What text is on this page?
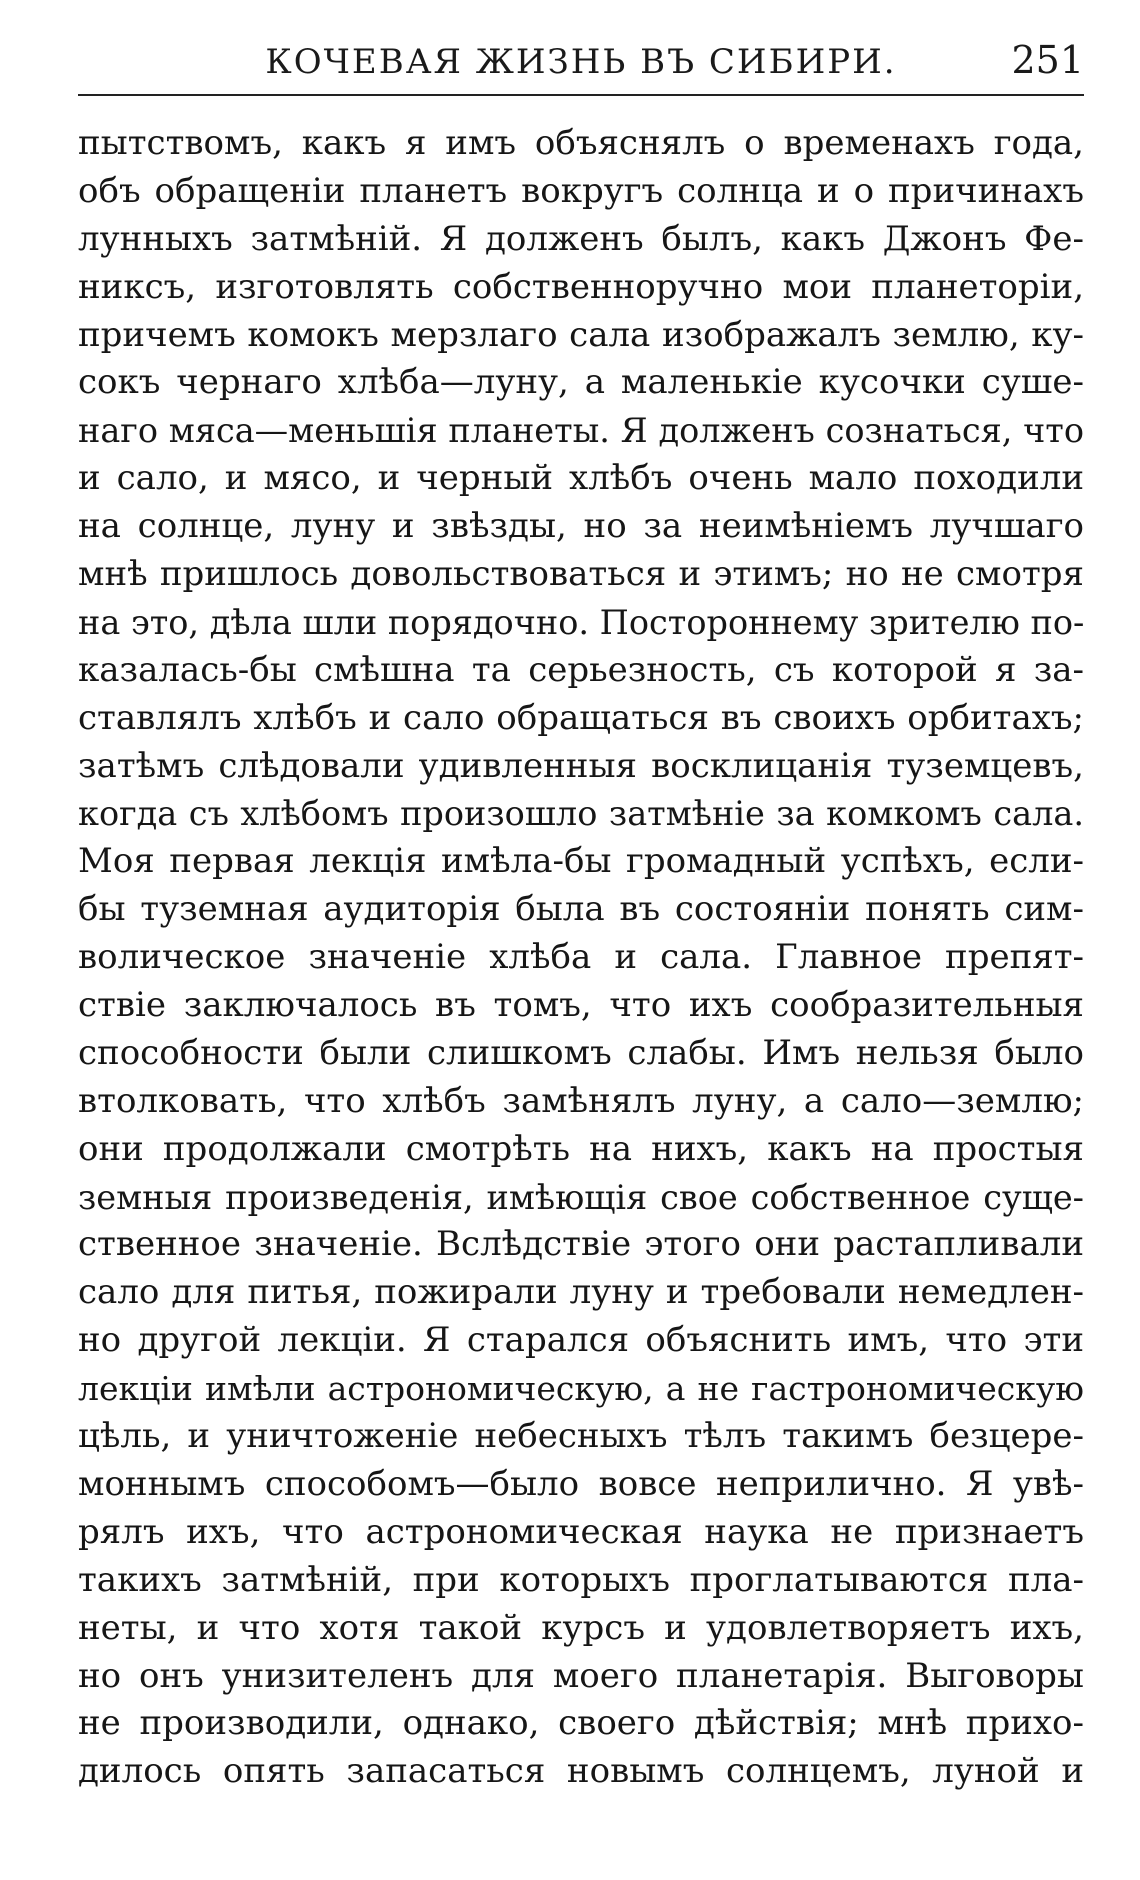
КОЧЕВАЯ ЖИЗНЬ ВЪ СИБИРИ.	251
пытствомъ, какъ я имъ объяснялъ о временахъ года,
объ обращеніи планетъ вокругъ солнца и о причинахъ
лунныхъ затмѣній. Я долженъ былъ, какъ Джонъ Фе-
никсъ, изготовлять собственноручно мои планеторіи,
причемъ комокъ мерзлаго сала изображалъ землю, ку-
сокъ чернаго хлѣба—луну, а маленькіе кусочки суше-
наго мяса—меньшія планеты. Я долженъ сознаться, что
и сало, и мясо, и черный хлѣбъ очень мало походили
на солнце, луну и звѣзды, но за неимѣніемъ лучшаго
мнѣ пришлось довольствоваться и этимъ; но не смотря
на это, дѣла шли порядочно. Постороннему зрителю по-
казалась-бы смѣшна та серьезность, съ которой я за-
ставлялъ хлѣбъ и сало обращаться въ своихъ орбитахъ;
затѣмъ слѣдовали удивленныя восклицанія туземцевъ,
когда съ хлѣбомъ произошло затмѣніе за комкомъ сала.
Моя первая лекція имѣла-бы громадный успѣхъ, если-
бы туземная аудиторія была въ состояніи понять сим-
волическое значеніе хлѣба и сала. Главное препят-
ствіе заключалось въ томъ, что ихъ сообразительныя
способности были слишкомъ слабы. Имъ нельзя было
втолковать, что хлѣбъ замѣнялъ луну, а сало—землю;
они продолжали смотрѣть на нихъ, какъ на простыя
земныя произведенія, имѣющія свое собственное суще-
ственное значеніе. Вслѣдствіе этого они растапливали
сало для питья, пожирали луну и требовали немедлен-
но другой лекціи. Я старался объяснить имъ, что эти
лекціи имѣли астрономическую, а не гастрономическую
цѣль, и уничтоженіе небесныхъ тѣлъ такимъ безцере-
моннымъ способомъ—было вовсе неприлично. Я увѣ-
рялъ ихъ, что астрономическая наука не признаетъ
такихъ затмѣній, при которыхъ проглатываются пла-
неты, и что хотя такой курсъ и удовлетворяетъ ихъ,
но онъ унизителенъ для моего планетарія. Выговоры
не производили, однако, своего дѣйствія; мнѣ прихо-
дилось опять запасаться новымъ солнцемъ, луной и
